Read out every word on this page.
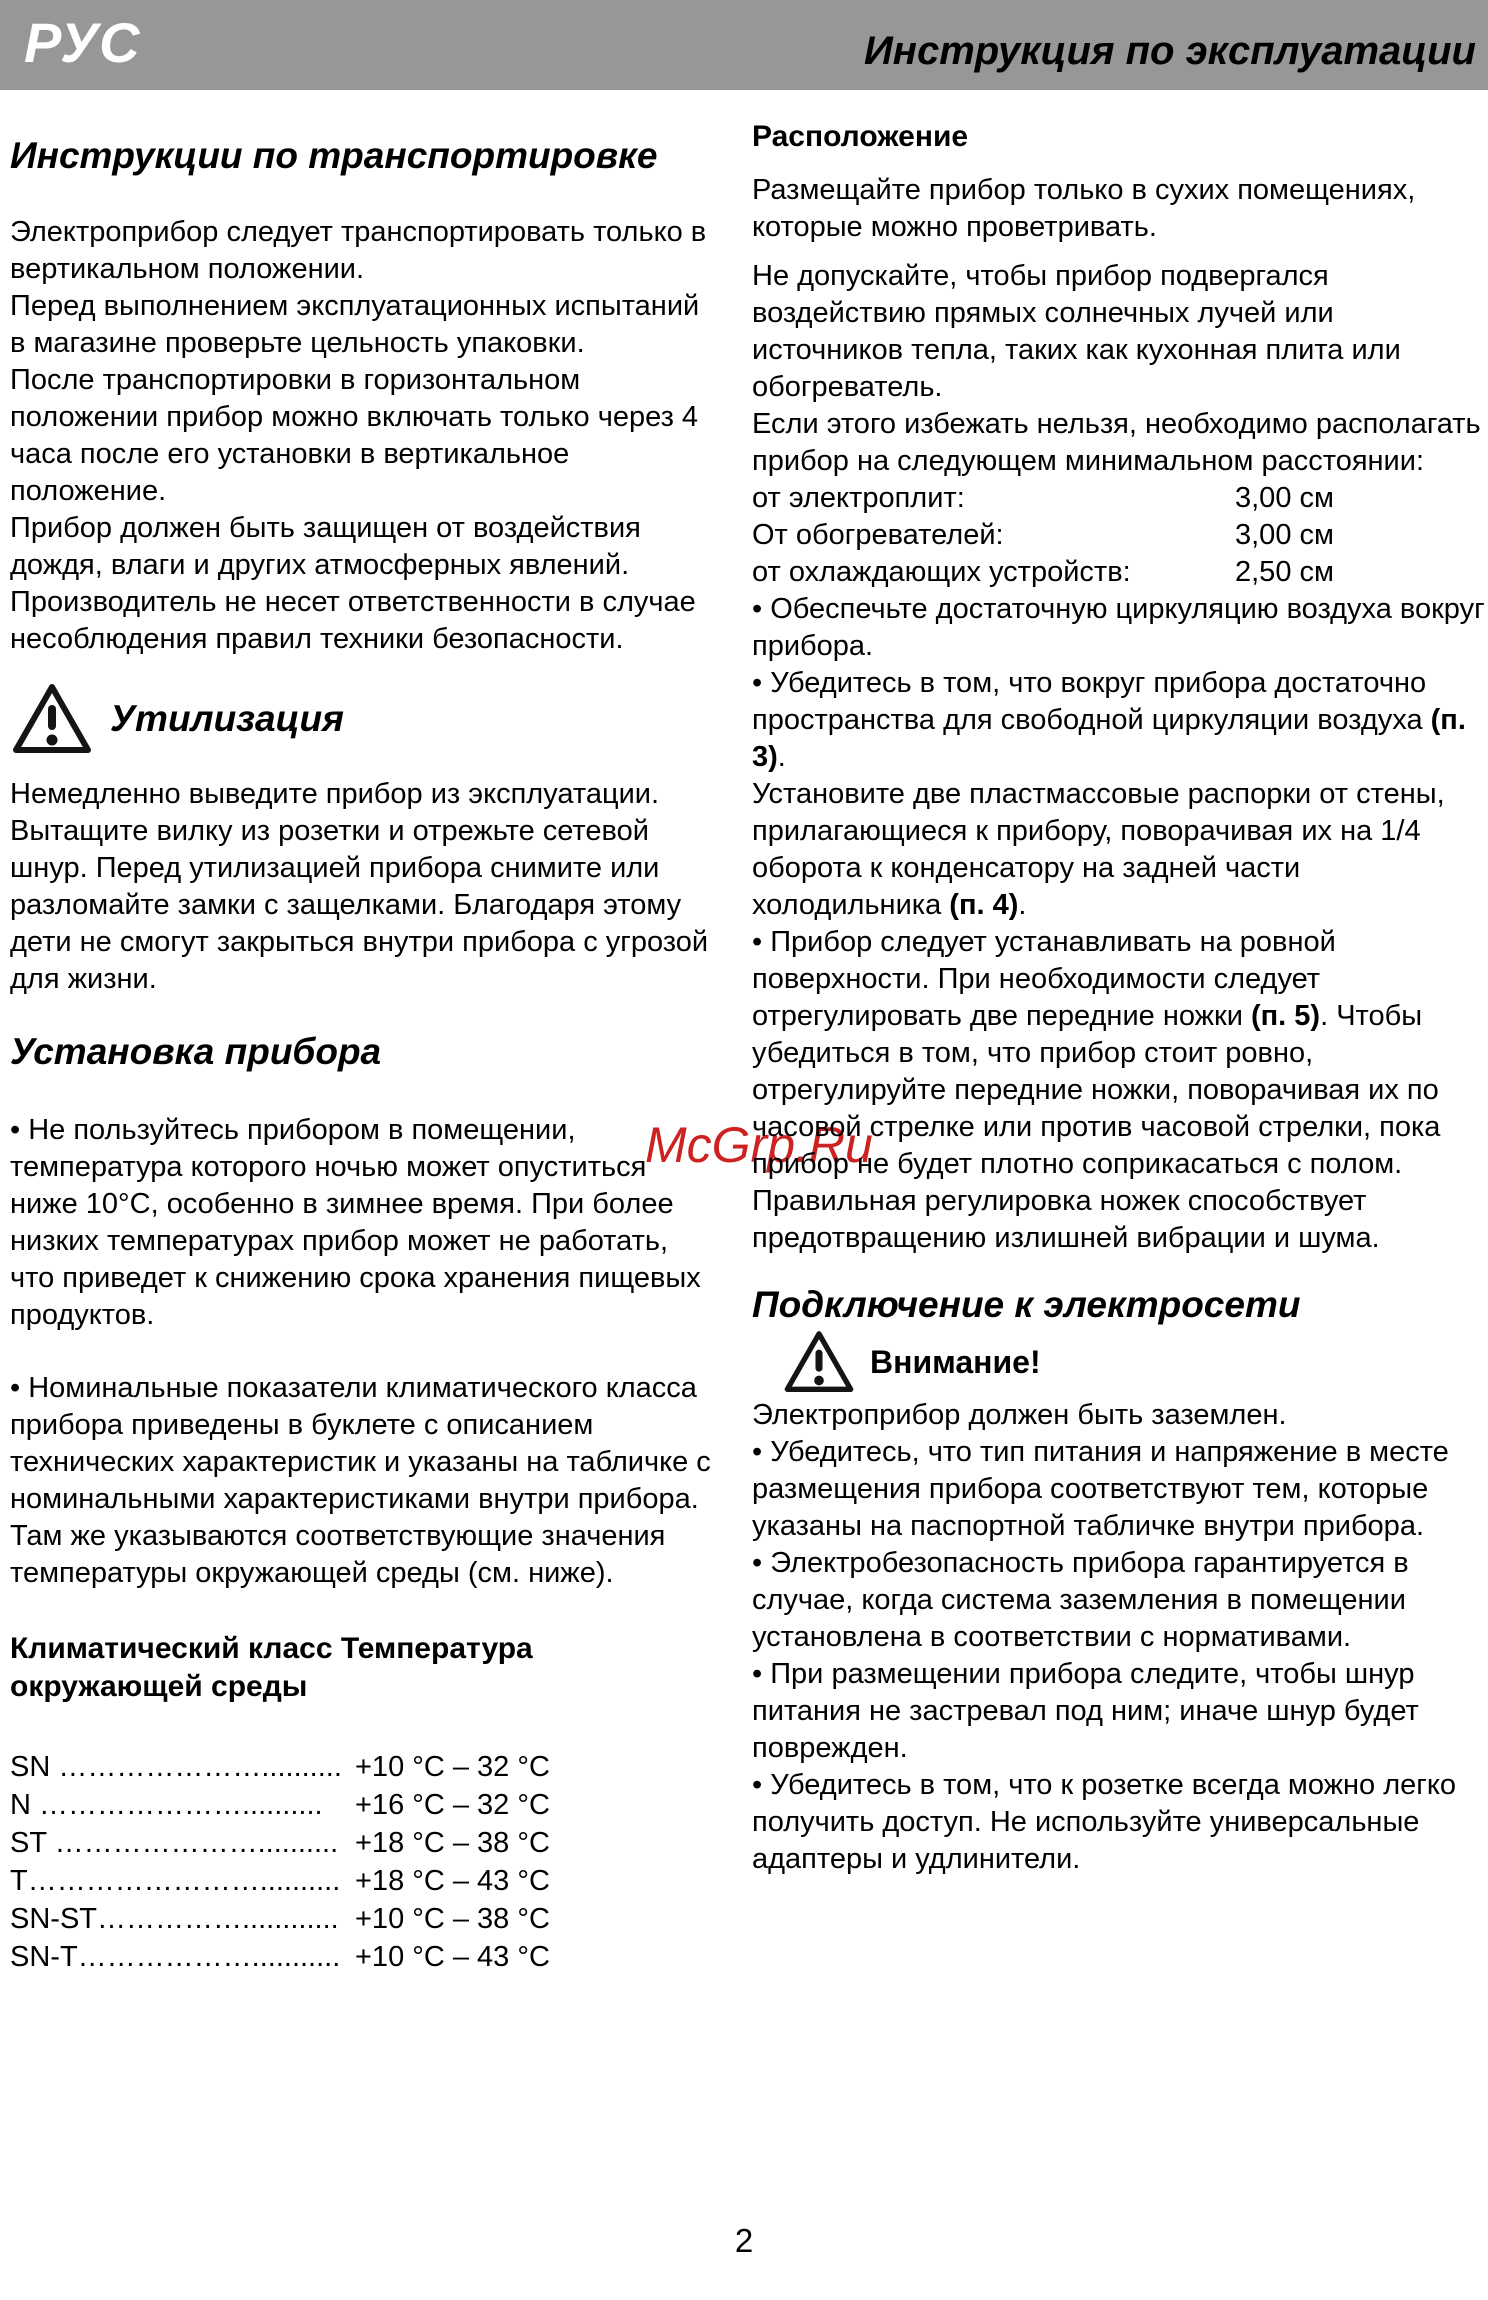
РУС	Инструкция по эксплуатации
McGrp.Ru
Инструкции по транспортировке

Электроприбор следует транспортировать только в вертикальном положении.

Перед выполнением эксплуатационных испытаний в магазине проверьте цельность упаковки.

После транспортировки в горизонтальном положении прибор можно включать только через 4 часа после его установки в вертикальное положение.

Прибор должен быть защищен от воздействия дождя, влаги и других атмосферных явлений. Производитель не несет ответственности в случае несоблюдения правил техники безопасности.

Утилизация

Немедленно выведите прибор из эксплуатации.

Вытащите вилку из розетки и отрежьте сетевой шнур. Перед утилизацией прибора снимите или разломайте замки с защелками. Благодаря этому дети не смогут закрыться внутри прибора с угрозой для жизни.

Установка прибора

• Не пользуйтесь прибором в помещении, температура которого ночью может опуститься ниже 10°C, особенно в зимнее время. При более низких температурах прибор может не работать, что приведет к снижению срока хранения пищевых продуктов.

• Номинальные показатели климатического класса прибора приведены в буклете с описанием технических характеристик и указаны на табличке с номинальными характеристиками внутри прибора. Там же указываются соответствующие значения температуры окружающей среды (см. ниже).

Климатический класс Температура окружающей среды
SN ………………….......... +10 °C – 32 °C
N …………………..........	+16 °C – 32 °C
ST ………………….......... +18 °C – 38 °C
T…………………….......... +18 °C – 43 °C
SN-ST……………............ +10 °C – 38 °C
SN-T………………........... +10 °C – 43 °C
Расположение

Размещайте прибор только в сухих помещениях, которые можно проветривать.

Не допускайте, чтобы прибор подвергался воздействию прямых солнечных лучей или источников тепла, таких как кухонная плита или обогреватель.

Если этого избежать нельзя, необходимо располагать прибор на следующем минимальном расстоянии:

от электроплит:	3,00 см
От обогревателей:	3,00 см
от охлаждающих устройств:	2,50 см

• Обеспечьте достаточную циркуляцию воздуха вокруг прибора.

• Убедитесь в том, что вокруг прибора достаточно пространства для свободной циркуляции воздуха (п. 3).

Установите две пластмассовые распорки от стены, прилагающиеся к прибору, поворачивая их на 1/4 оборота к конденсатору на задней части холодильника (п. 4).

• Прибор следует устанавливать на ровной поверхности. При необходимости следует отрегулировать две передние ножки (п. 5). Чтобы убедиться в том, что прибор стоит ровно, отрегулируйте передние ножки, поворачивая их по часовой стрелке или против часовой стрелки, пока прибор не будет плотно соприкасаться с полом.

Правильная регулировка ножек способствует предотвращению излишней вибрации и шума.

Подключение к электросети
Внимание!

Электроприбор должен быть заземлен.

• Убедитесь, что тип питания и напряжение в месте размещения прибора соответствуют тем, которые указаны на паспортной табличке внутри прибора.

• Электробезопасность прибора гарантируется в случае, когда система заземления в помещении установлена в соответствии с нормативами.

• При размещении прибора следите, чтобы шнур питания не застревал под ним; иначе шнур будет поврежден.

• Убедитесь в том, что к розетке всегда можно легко получить доступ. Не используйте универсальные адаптеры и удлинители.

2
